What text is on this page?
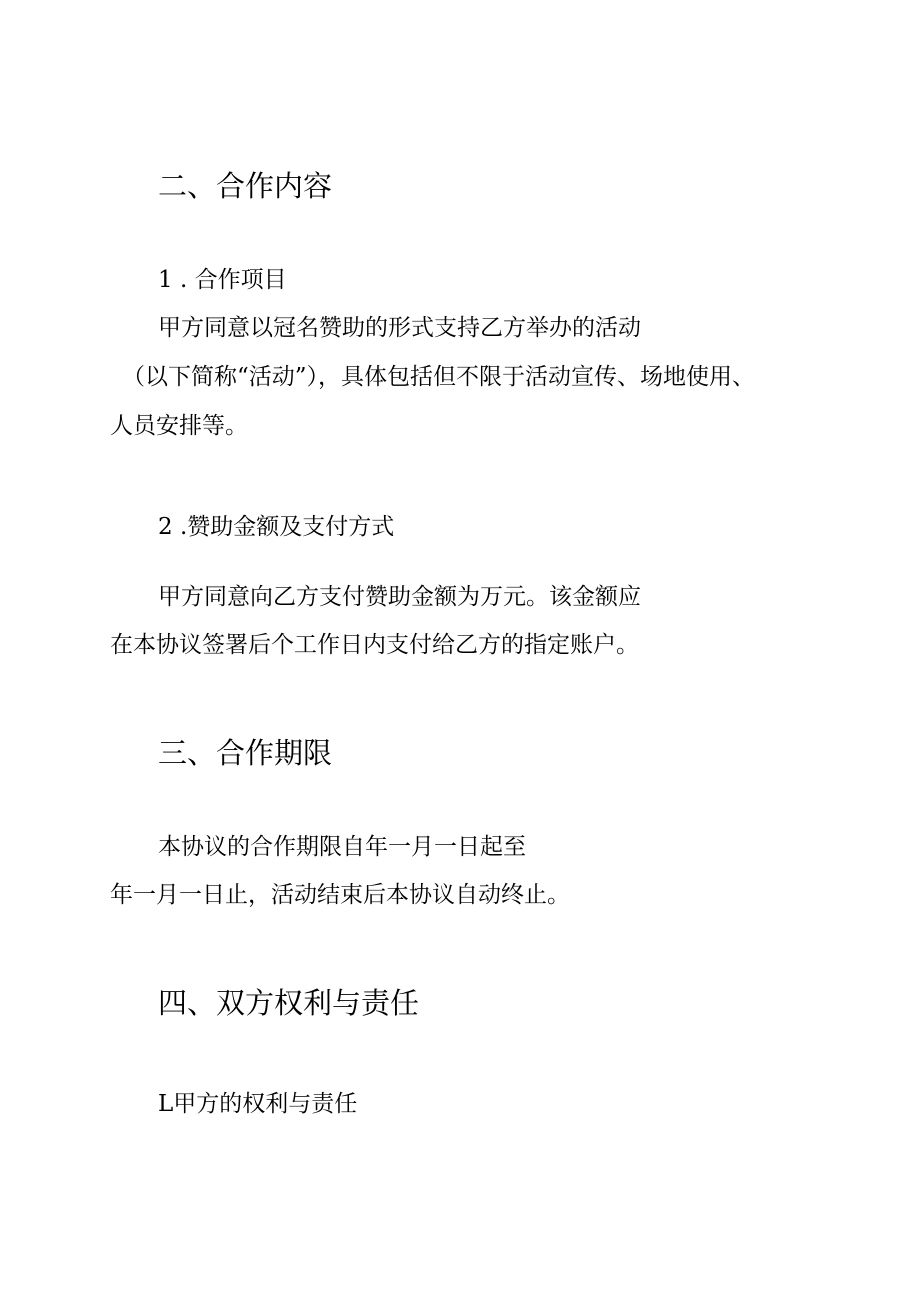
二、合作内容

1 . 合作项目

甲方同意以冠名赞助的形式支持乙方举办的活动

（以下简称“活动”），具体包括但不限于活动宣传、场地使用、

人员安排等。

2 .赞助金额及支付方式

甲方同意向乙方支付赞助金额为万元。该金额应

在本协议签署后个工作日内支付给乙方的指定账户。

三、合作期限

本协议的合作期限自年一月一日起至

年一月一日止，活动结束后本协议自动终止。

四、双方权利与责任

L甲方的权利与责任
